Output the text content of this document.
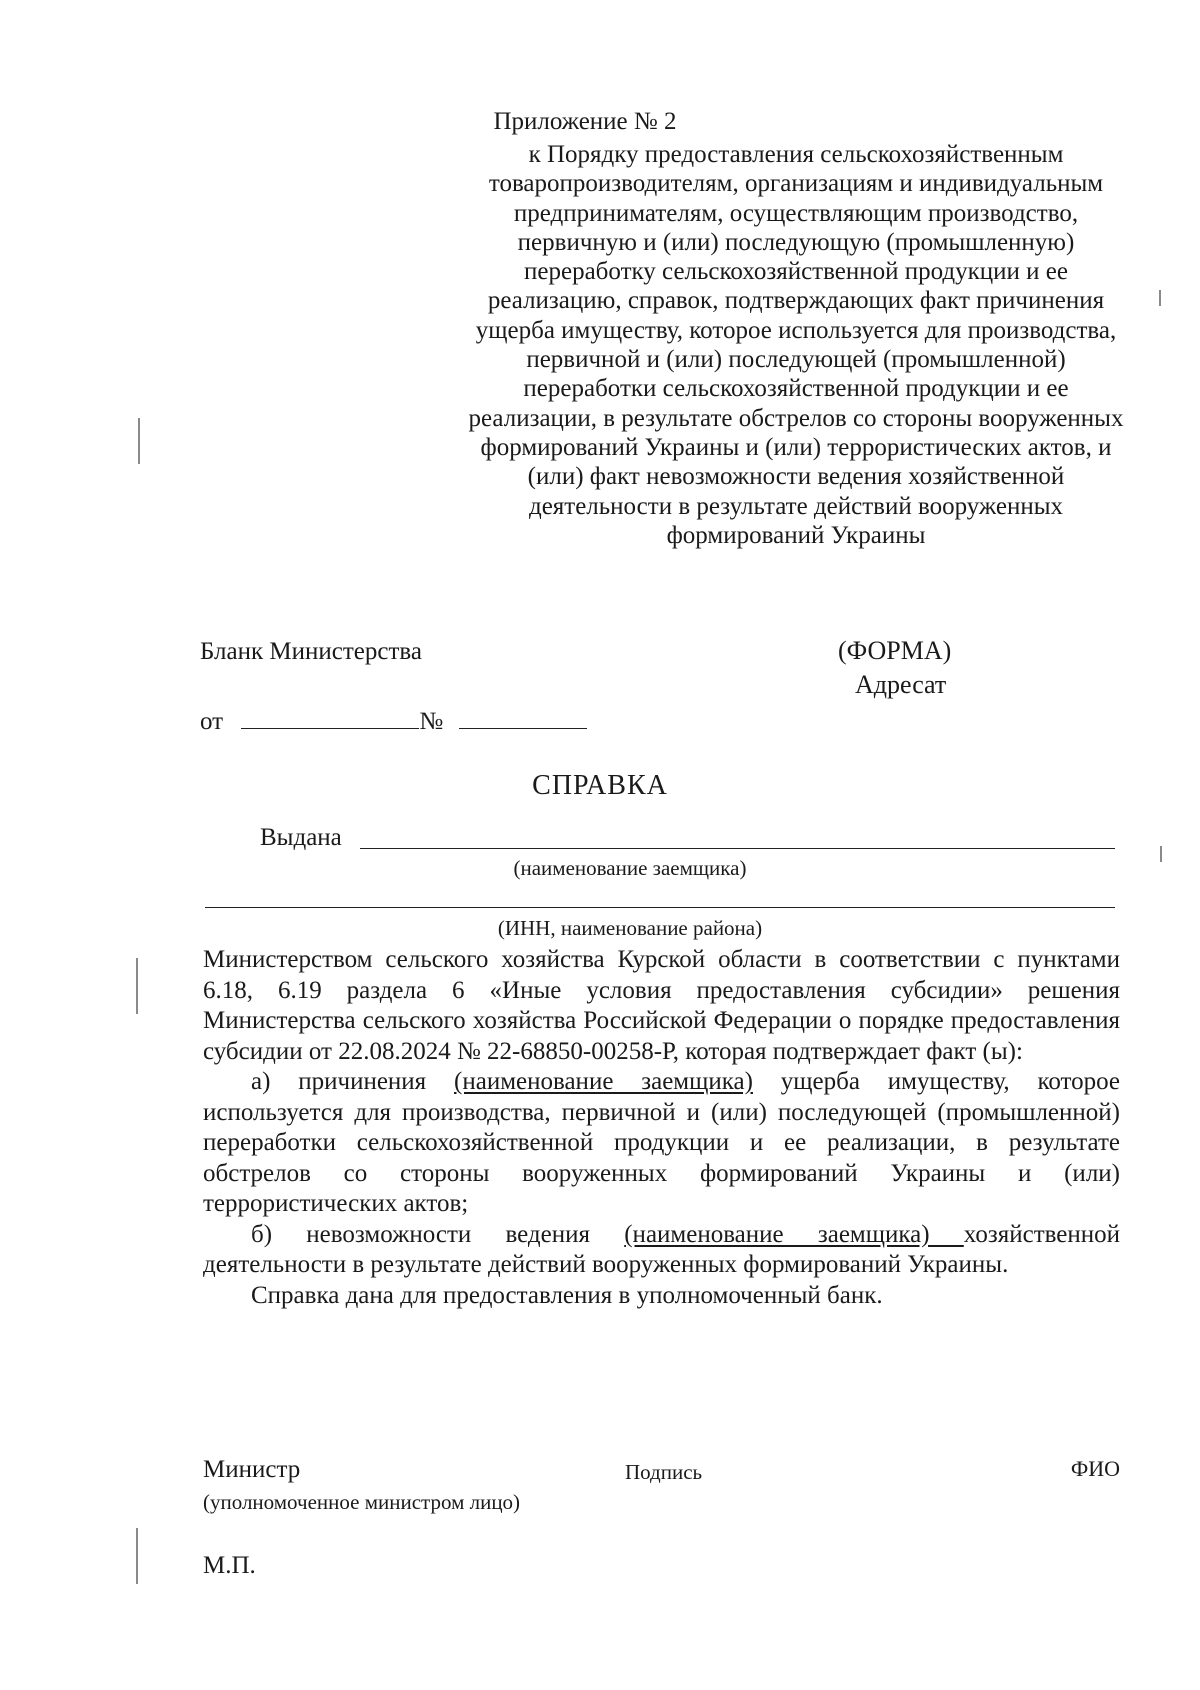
Приложение № 2
к Порядку предоставления сельскохозяйственным товаропроизводителям, организациям и индивидуальным предпринимателям, осуществляющим производство, первичную и (или) последующую (промышленную) переработку сельскохозяйственной продукции и ее реализацию, справок, подтверждающих факт причинения ущерба имуществу, которое используется для производства, первичной и (или) последующей (промышленной) переработки сельскохозяйственной продукции и ее реализации, в результате обстрелов со стороны вооруженных формирований Украины и (или) террористических актов, и (или) факт невозможности ведения хозяйственной деятельности в результате действий вооруженных формирований Украины
Бланк Министерства	(ФОРМА)
Адресат
от	№
СПРАВКА
Выдана
(наименование заемщика)
(ИНН, наименование района)

Министерством сельского хозяйства Курской области в соответствии с пунктами 6.18, 6.19 раздела 6 «Иные условия предоставления субсидии» решения Министерства сельского хозяйства Российской Федерации о порядке предоставления субсидии от 22.08.2024 № 22-68850-00258-Р, которая подтверждает факт (ы):

а) причинения (наименование заемщика) ущерба имуществу, которое используется для производства, первичной и (или) последующей (промышленной) переработки сельскохозяйственной продукции и ее реализации, в результате обстрелов со стороны вооруженных формирований Украины и (или) террористических актов;

б) невозможности ведения (наименование заемщика) хозяйственной деятельности в результате действий вооруженных формирований Украины.

Справка дана для предоставления в уполномоченный банк.

Министр	Подпись	ФИО
(уполномоченное министром лицо)
М.П.
